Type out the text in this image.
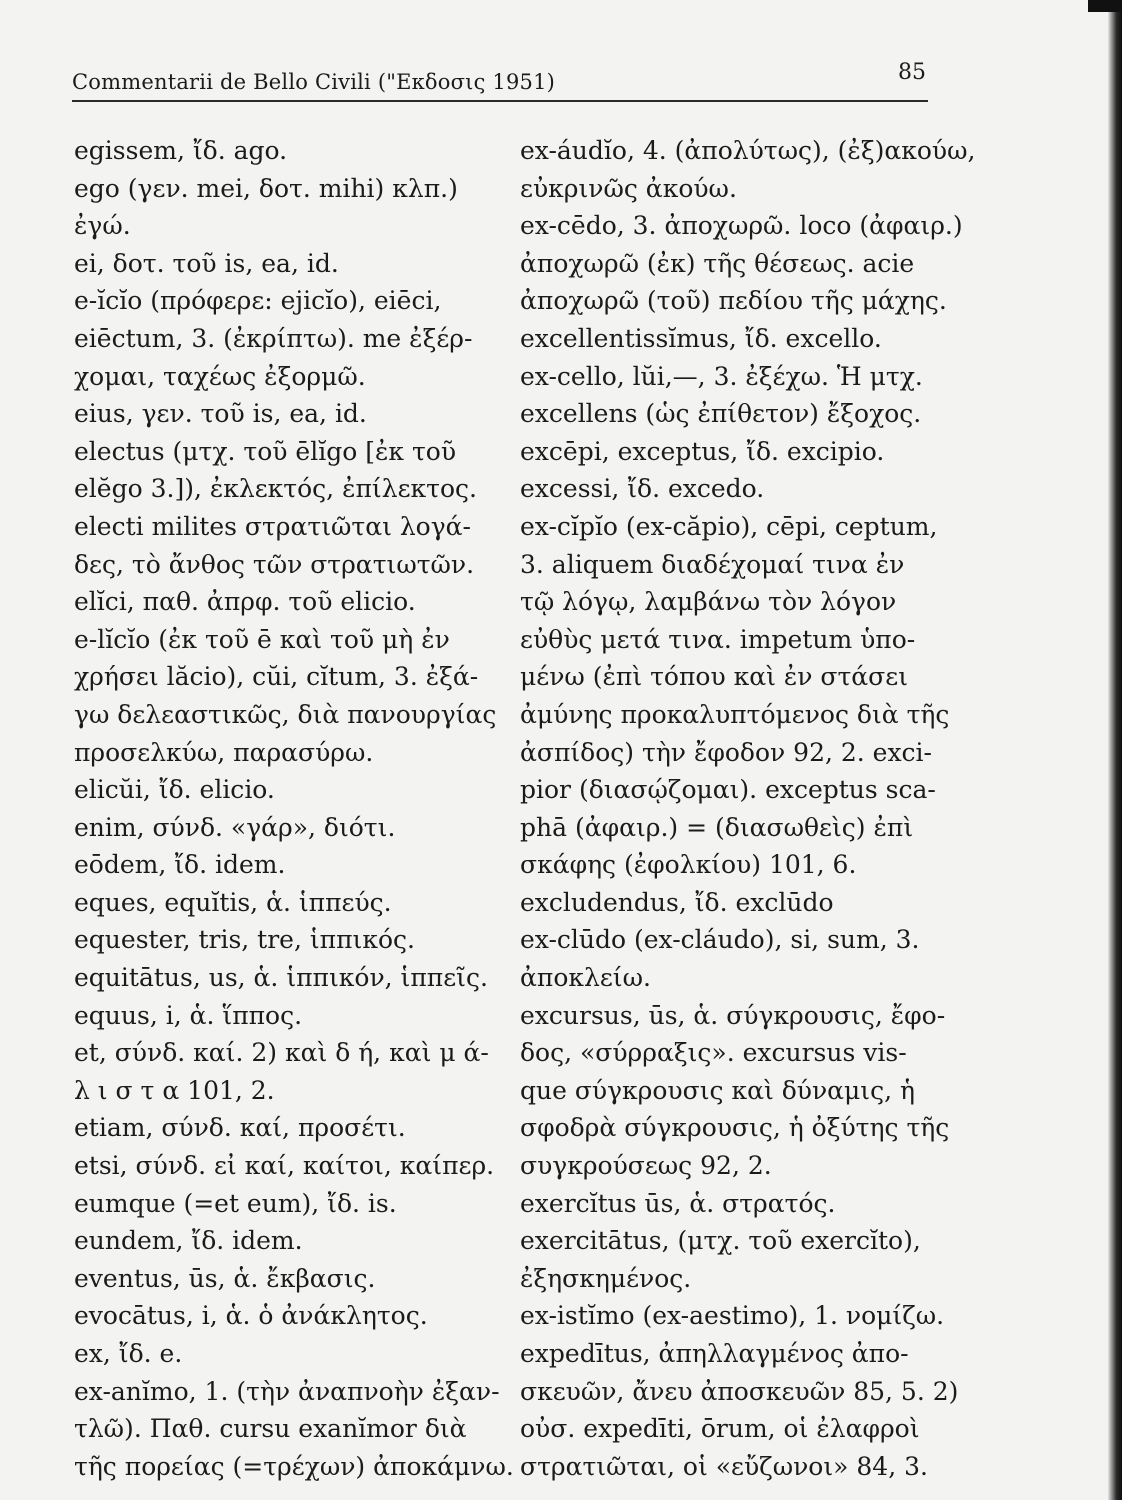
Commentarii de Bello Civili ("Εκδοσις 1951)	85

egissem, ἴδ. ago.

ego (γεν. mei, δοτ. mihi) κλπ.)
ἐγώ.

ei, δοτ. τοῦ is, ea, id.

e-ĭcĭo (πρόφερε: ejicĭo), eiēci,
eiēctum, 3. (ἐκρίπτω). me ἐξέρ-
χομαι, ταχέως ἐξορμῶ.

eius, γεν. τοῦ is, ea, id.

electus (μτχ. τοῦ ēlĭgo [ἐκ τοῦ
elĕgo 3.]), ἐκλεκτός, ἐπίλεκτος.
electi milites στρατιῶται λογά-
δες, τὸ ἄνθος τῶν στρατιωτῶν.

elĭci, παθ. ἀπρφ. τοῦ elicio.

e-lĭcĭo (ἐκ τοῦ ē καὶ τοῦ μὴ ἐν
χρήσει lăcio), cŭi, cĭtum, 3. ἐξά-
γω δελεαστικῶς, διὰ πανουργίας
προσελκύω, παρασύρω.

elicŭi, ἴδ. elicio.

enim, σύνδ. «γάρ», διότι.

eōdem, ἴδ. idem.

eques, equĭtis, ἁ. ἱππεύς.

equester, tris, tre, ἱππικός.

equitātus, us, ἁ. ἱππικόν, ἱππεῖς.

equus, i, ἁ. ἵππος.

et, σύνδ. καί. 2) καὶ δ ή, καὶ μ ά-
λ ι σ τ α 101, 2.

etiam, σύνδ. καί, προσέτι.

etsi, σύνδ. εἰ καί, καίτοι, καίπερ.

eumque (=et eum), ἴδ. is.

eundem, ἴδ. idem.

eventus, ūs, ἁ. ἔκβασις.

evocātus, i, ἁ. ὁ ἀνάκλητος.

ex, ἴδ. e.

ex-anĭmo, 1. (τὴν ἀναπνοὴν ἐξαν-
τλῶ). Παθ. cursu exanĭmor διὰ
τῆς πορείας (=τρέχων) ἀποκάμνω.

ex-áudĭo, 4. (ἀπολύτως), (ἐξ)ακούω,
εὐκρινῶς ἀκούω.

ex-cēdo, 3. ἀποχωρῶ. loco (ἀφαιρ.)
ἀποχωρῶ (ἐκ) τῆς θέσεως. acie
ἀποχωρῶ (τοῦ) πεδίου τῆς μάχης.

excellentissĭmus, ἴδ. excello.

ex-cello, lŭi,—, 3. ἐξέχω. Ἡ μτχ.
excellens (ὡς ἐπίθετον) ἔξοχος.

excēpi, exceptus, ἴδ. excipio.

excessi, ἴδ. excedo.

ex-cĭpĭo (ex-căpio), cēpi, ceptum,
3. aliquem διαδέχομαί τινα ἐν
τῷ λόγῳ, λαμβάνω τὸν λόγον
εὐθὺς μετά τινα. impetum ὑπο-
μένω (ἐπὶ τόπου καὶ ἐν στάσει
ἀμύνης προκαλυπτόμενος διὰ τῆς
ἀσπίδος) τὴν ἔφοδον 92, 2. exci-
pior (διασῴζομαι). exceptus sca-
phā (ἀφαιρ.) = (διασωθεὶς) ἐπὶ
σκάφης (ἐφολκίου) 101, 6.

excludendus, ἴδ. exclūdo

ex-clūdo (ex-cláudo), si, sum, 3.
ἀποκλείω.

excursus, ūs, ἁ. σύγκρουσις, ἔφο-
δος, «σύρραξις». excursus vis-
que σύγκρουσις καὶ δύναμις, ἡ
σφοδρὰ σύγκρουσις, ἡ ὀξύτης τῆς
συγκρούσεως 92, 2.

exercĭtus ūs, ἁ. στρατός.

exercitātus, (μτχ. τοῦ exercĭto),
ἐξησκημένος.

ex-istĭmo (ex-aestimo), 1. νομίζω.

expedītus, ἀπηλλαγμένος ἀπο-
σκευῶν, ἄνευ ἀποσκευῶν 85, 5. 2)
οὐσ. expedīti, ōrum, οἱ ἐλαφροὶ
στρατιῶται, οἱ «εὔζωνοι» 84, 3.
